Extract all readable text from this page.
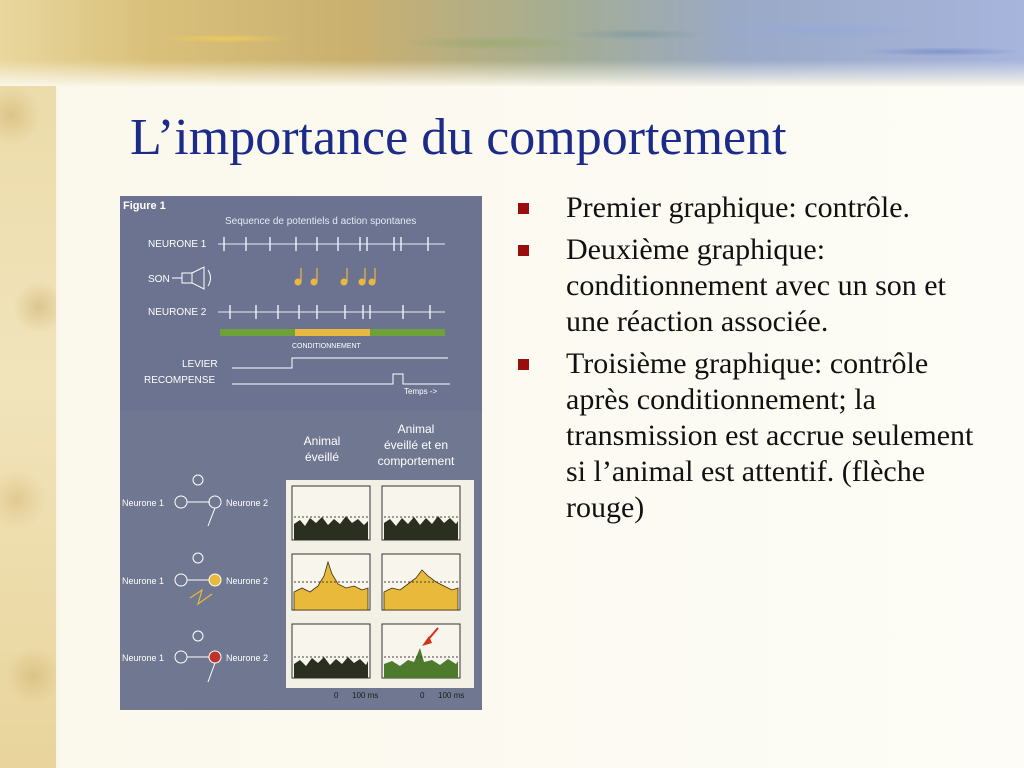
L’importance du comportement
Figure 1
Sequence de potentiels d action spontanes
NEURONE 1
SON
NEURONE 2
CONDITIONNEMENT
LEVIER
RECOMPENSE
Temps ->
Animal
éveillé
Animal
éveillé et en
comportement
0 100 ms	0 100 ms
Neurone 1	Neurone 2
Neurone 1	Neurone 2
Neurone 1	Neurone 2
Premier graphique: contrôle.
Deuxième graphique: conditionnement avec un son et une réaction associée.
Troisième graphique: contrôle après conditionnement; la transmission est accrue seulement si l’animal est attentif. (flèche rouge)
